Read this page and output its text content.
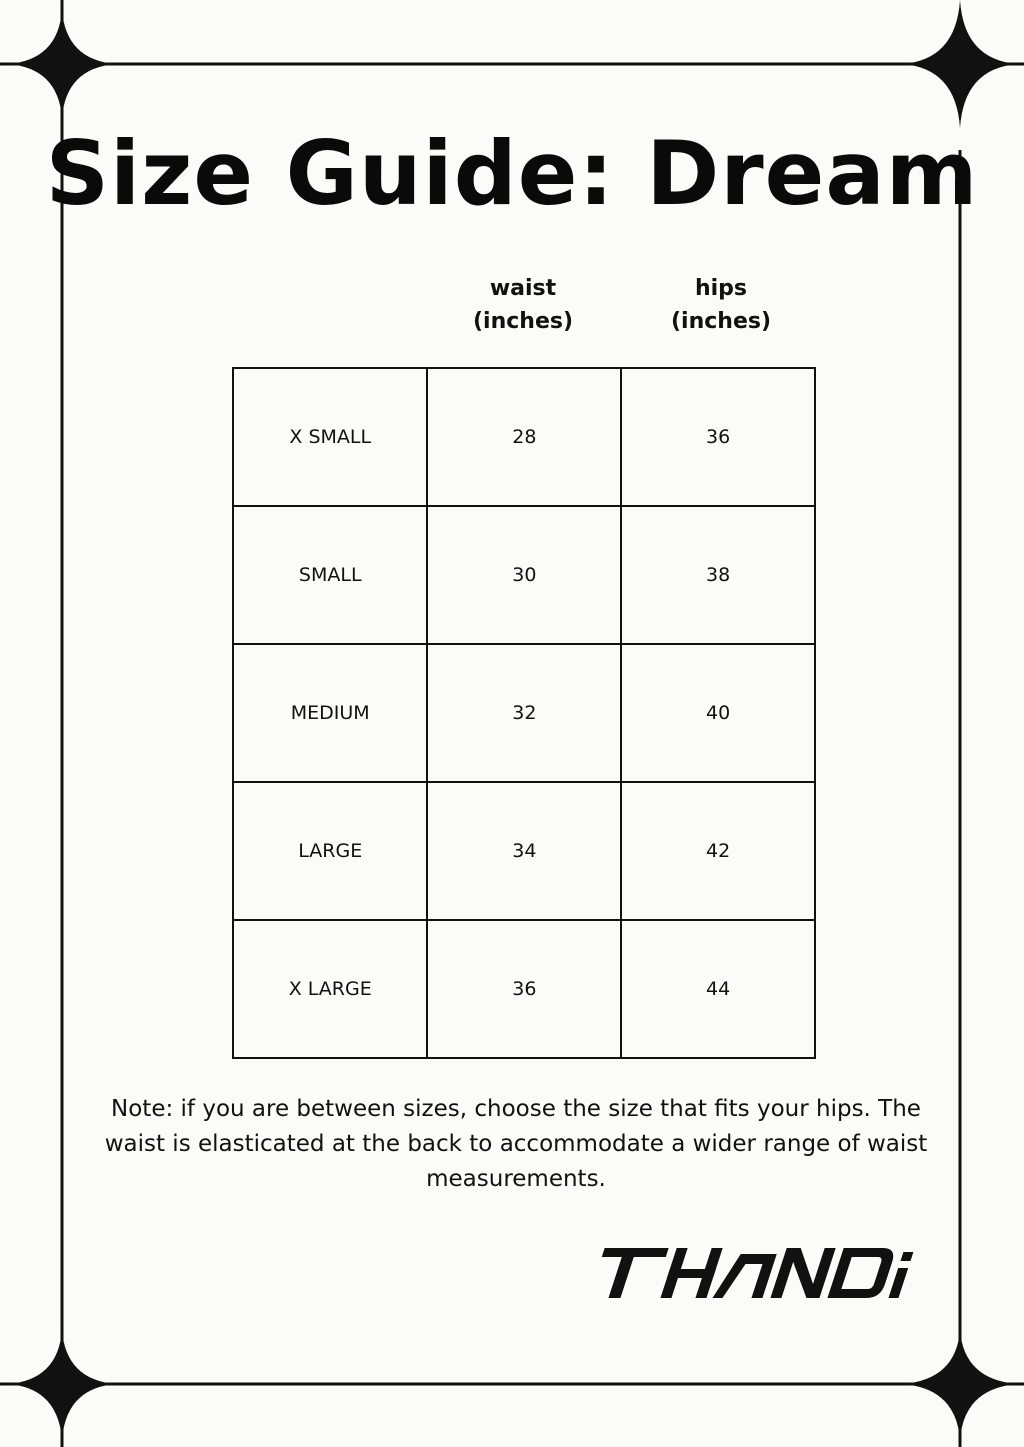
Size Guide: Dream
waist
(inches)
hips
(inches)
X SMALL	28	36
SMALL	30	38
MEDIUM	32	40
LARGE	34	42
X LARGE	36	44

Note: if you are between sizes, choose the size that fits your hips. The waist is elasticated at the back to accommodate a wider range of waist measurements.
